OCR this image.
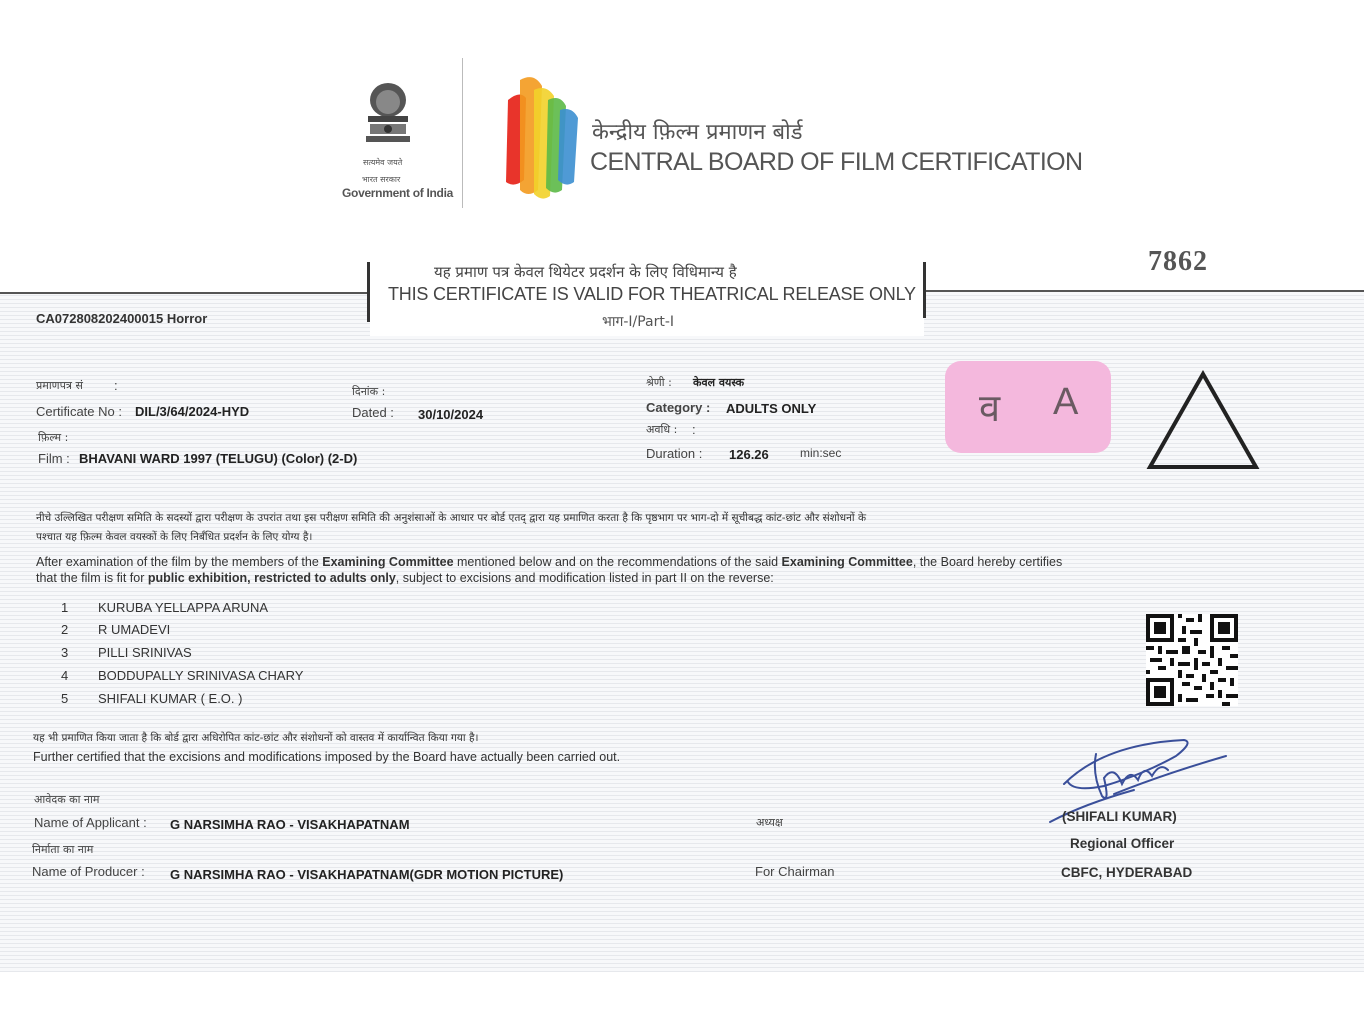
सत्यमेव जयते
भारत सरकार
Government of India
केन्द्रीय फ़िल्म प्रमाणन बोर्ड
CENTRAL BOARD OF FILM CERTIFICATION
यह प्रमाण पत्र केवल थियेटर प्रदर्शन के लिए विधिमान्य है
THIS CERTIFICATE IS VALID FOR THEATRICAL RELEASE ONLY
भाग-I/Part-I
7862
CA072808202400015 Horror
प्रमाणपत्र सं :
Certificate No : DIL/3/64/2024-HYD
दिनांक :
Dated : 30/10/2024
फ़िल्म :
Film : BHAVANI WARD 1997 (TELUGU) (Color) (2-D)
श्रेणी : केवल वयस्क
Category : ADULTS ONLY
अवधि : :
Duration : 126.26	min:sec
व A
नीचे उल्लिखित परीक्षण समिति के सदस्यों द्वारा परीक्षण के उपरांत तथा इस परीक्षण समिति की अनुशंसाओं के आधार पर बोर्ड एतद् द्वारा यह प्रमाणित करता है कि पृष्ठभाग पर भाग-दो में सूचीबद्ध कांट-छांट और संशोधनों के
पश्चात यह फ़िल्म केवल वयस्कों के लिए निर्बंधित प्रदर्शन के लिए योग्य है।
After examination of the film by the members of the Examining Committee mentioned below and on the recommendations of the said Examining Committee, the Board hereby certifies
that the film is fit for public exhibition, restricted to adults only, subject to excisions and modification listed in part II on the reverse:
1 KURUBA YELLAPPA ARUNA
2 R UMADEVI
3 PILLI SRINIVAS
4 BODDUPALLY SRINIVASA CHARY
5 SHIFALI KUMAR ( E.O. )
यह भी प्रमाणित किया जाता है कि बोर्ड द्वारा अधिरोपित कांट-छांट और संशोधनों को वास्तव में कार्यान्वित किया गया है।
Further certified that the excisions and modifications imposed by the Board have actually been carried out.
आवेदक का नाम
Name of Applicant : G NARSIMHA RAO - VISAKHAPATNAM
निर्माता का नाम
Name of Producer : G NARSIMHA RAO - VISAKHAPATNAM(GDR MOTION PICTURE)
अध्यक्ष
For Chairman
(SHIFALI KUMAR)
Regional Officer
CBFC, HYDERABAD
